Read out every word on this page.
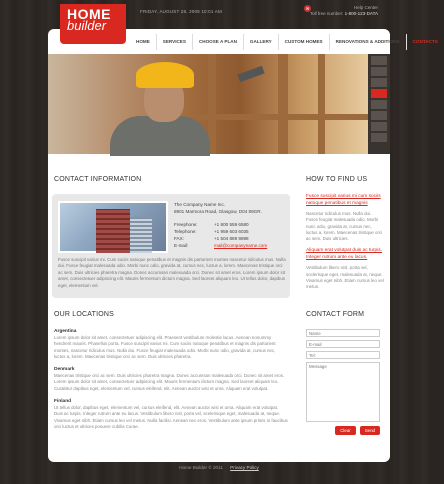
HOME
builder
FRIDAY, AUGUST 28, 2009 10:01 AM
✉	Help Center
Toll free number: 1-800-123-DATA
HOME	SERVICES	CHOOSE A PLAN	GALLERY	CUSTOM HOMES	RENOVATIONS & ADDITIONS	CONTACTS
CONTACT INFORMATION
The Company Name Inc.
8901 Marmora Road, Glasgow, D04 89GR.
Freephone:	+1 800 559 6580
Telephone:	+1 959 603 6035
FAX:	+1 504 889 9898
E-mail:	mail@companyname.com
Fusce suscipit varius mi. Cum sociis natoque penatibus et magnis dis parturient montes nascetur ridiculus mus. Nulla dui. Fusce feugiat malesuada odio. Morbi nunc odio, gravida at, cursus nec, luctus a, lorem. Maecenas tristique orci ac sem. Duis ultricies pharetra magna. Donec accumsan malesuada orci. Donec sit amet eros. Lorem ipsum dolor sit amet, consectetuer adipiscing elit. Mauris fermentum dictum magna. Sed laoreet aliquam leo. Ut tellus dolor, dapibus eget, elementum vel.
OUR LOCATIONS
Argentina
Lorem ipsum dolor sit amet, consectetuer adipiscing elit. Praesent vestibulum molestie lacus. Aenean nonummy hendrerit mauris. Phasellus porta. Fusce suscipit varius mi. Cum sociis natoque penatibus et magnis dis parturient montes, nascetur ridiculus mus. Nulla dui. Fusce feugiat malesuada odio. Morbi nunc odio, gravida at, cursus nec, luctus a, lorem. Maecenas tristique orci ac sem. Duis ultricies pharetra.
Denmark
Maecenas tristique orci ac sem. Duis ultricies pharetra magna. Donec accumsan malesuada orci. Donec sit amet eros. Lorem ipsum dolor sit amet, consectetuer adipiscing elit. Mauris fermentum dictum magna. Sed laoreet aliquam leo. Curabitur dapibus eget, elementum vel, cursus eleifend, elit. Aenean auctor wisi et urna. Aliquam erat volutpat.
Finland
Ut tellus dolor, dapibus eget, elementum vel, cursus eleifend, elit. Aenean auctor wisi et urna. Aliquam erat volutpat. Duis ac turpis. Integer rutrum ante eu lacus. Vestibulum libero nisl, porta vel, scelerisque eget, malesuada at, neque. Vivamus eget nibh. Etiam cursus leo vel metus. Nulla facilisi. Aenean nec eros. Vestibulum ante ipsum primis in faucibus orci luctus et ultrices posuere cubilia Curae.
HOW TO FIND US
Fusce suscipit varius mi cum sociis natoque penatibus et magnis
Nascetur ridiculus mus. Nulla dui. Fusce feugiat malesuada odio. Morbi nunc odio, gravida at, cursus nec, luctus a, lorem. Maecenas tristique orci ac sem. Duis ultricies.
Aliquam erat volutpat duis ac turpis. Integer rutrum ante eu lacus.
Vestibulum libero nisl, porta vel, scelerisque eget, malesuada at, neque. Vivamus eget nibh. Etiam cursus leo vel metus.
CONTACT FORM
Name
E-mail
Tel:
Message
Clear	Send
Home Builder © 2011 Privacy Policy
